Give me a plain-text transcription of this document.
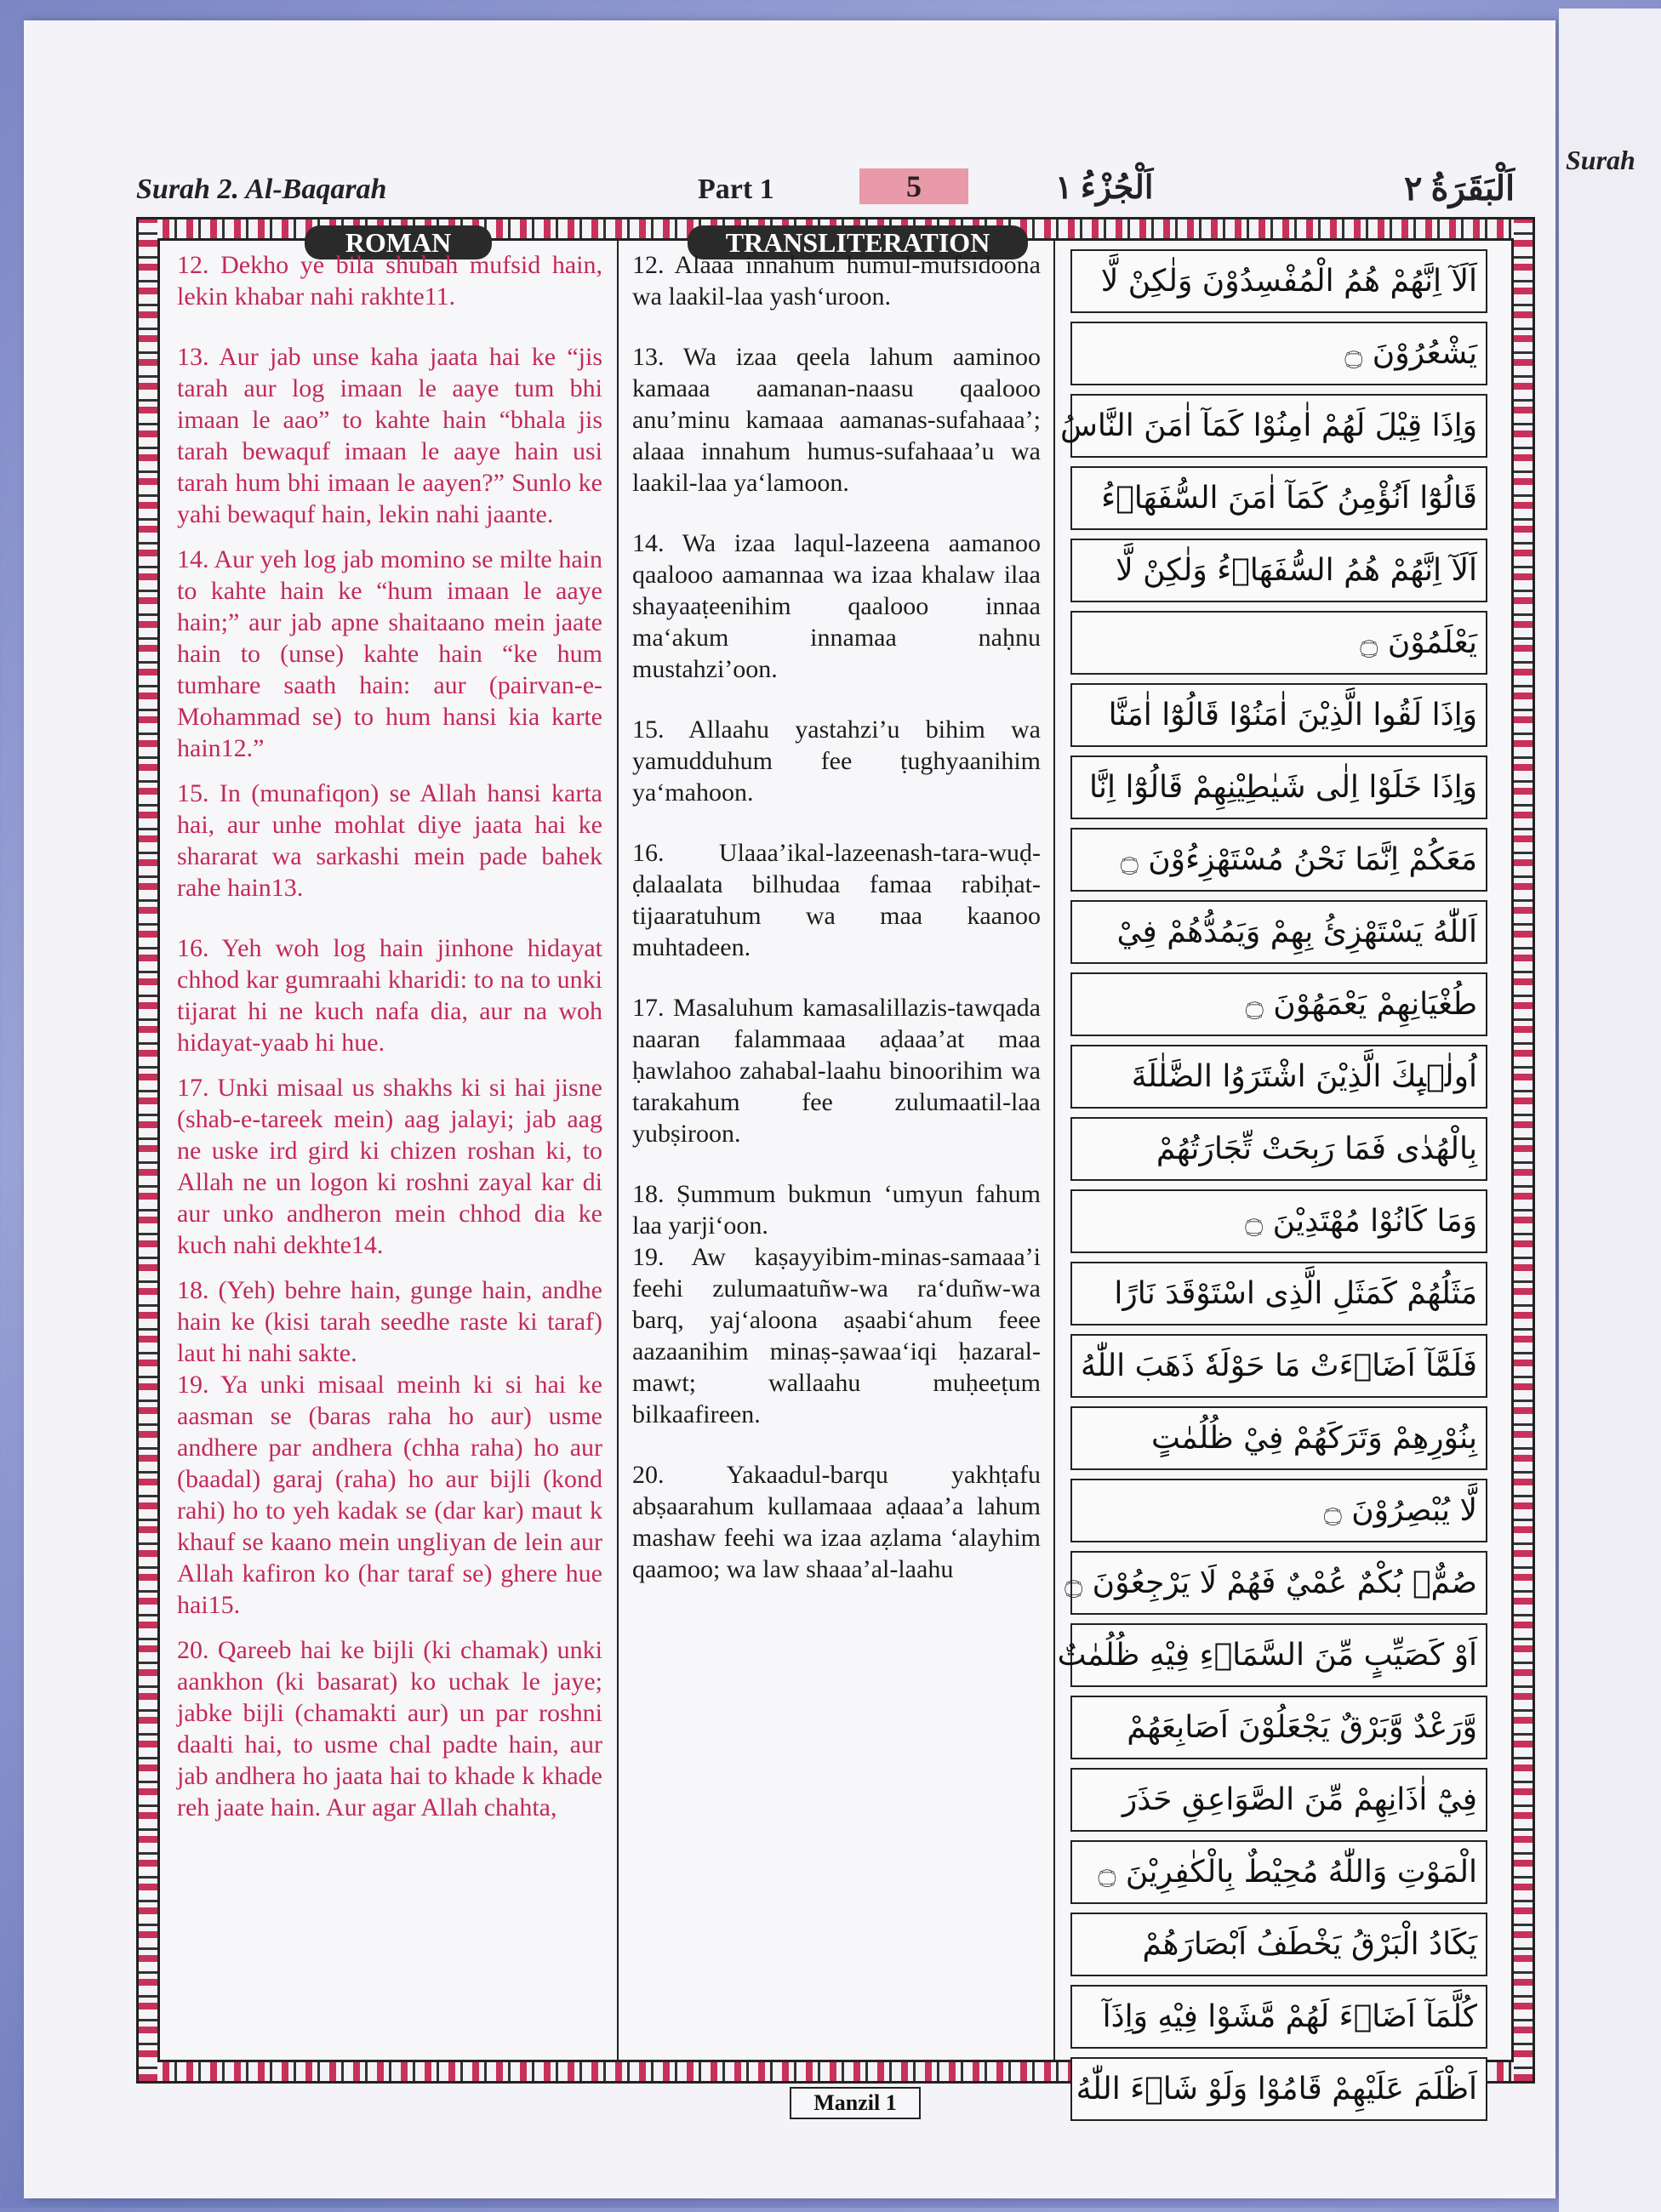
Surah
Surah 2. Al-Baqarah	Part 1	5	اَلْجُزْءُ ١	اَلْبَقَرَةُ ٢
ROMAN	TRANSLITERATION

12. Dekho ye bila shubah mufsid hain, lekin khabar nahi rakhte11.

13. Aur jab unse kaha jaata hai ke “jis tarah aur log imaan le aaye tum bhi imaan le aao” to kahte hain “bhala jis tarah bewaquf imaan le aaye hain usi tarah hum bhi imaan le aayen?” Sunlo ke yahi bewaquf hain, lekin nahi jaante.

14. Aur yeh log jab momino se milte hain to kahte hain ke “hum imaan le aaye hain;” aur jab apne shaitaano mein jaate hain to (unse) kahte hain “ke hum tumhare saath hain: aur (pairvan-e-Mohammad se) to hum hansi kia karte hain12.”

15. In (munafiqon) se Allah hansi karta hai, aur unhe mohlat diye jaata hai ke shararat wa sarkashi mein pade bahek rahe hain13.

16. Yeh woh log hain jinhone hidayat chhod kar gumraahi kharidi: to na to unki tijarat hi ne kuch nafa dia, aur na woh hidayat-yaab hi hue.

17. Unki misaal us shakhs ki si hai jisne (shab-e-tareek mein) aag jalayi; jab aag ne uske ird gird ki chizen roshan ki, to Allah ne un logon ki roshni zayal kar di aur unko andheron mein chhod dia ke kuch nahi dekhte14.

18. (Yeh) behre hain, gunge hain, andhe hain ke (kisi tarah seedhe raste ki taraf) laut hi nahi sakte.

19. Ya unki misaal meinh ki si hai ke aasman se (baras raha ho aur) usme andhere par andhera (chha raha) ho aur (baadal) garaj (raha) ho aur bijli (kond rahi) ho to yeh kadak se (dar kar) maut k khauf se kaano mein ungliyan de lein aur Allah kafiron ko (har taraf se) ghere hue hai15.

20. Qareeb hai ke bijli (ki chamak) unki aankhon (ki basarat) ko uchak le jaye; jabke bijli (chamakti aur) un par roshni daalti hai, to usme chal padte hain, aur jab andhera ho jaata hai to khade k khade reh jaate hain. Aur agar Allah chahta,

12. Alaaa innahum humul-mufsidoona wa laakil-laa yash‘uroon.

13. Wa izaa qeela lahum aaminoo kamaaa aamanan-naasu qaalooo anu’minu kamaaa aamanas-sufahaaa’; alaaa innahum humus-sufahaaa’u wa laakil-laa ya‘lamoon.

14. Wa izaa laqul-lazeena aamanoo qaalooo aamannaa wa izaa khalaw ilaa shayaaṭeenihim qaalooo innaa ma‘akum innamaa naḥnu mustahzi’oon.

15. Allaahu yastahzi’u bihim wa yamudduhum fee ṭughyaanihim ya‘mahoon.

16. Ulaaa’ikal-lazeenash-tara-wuḍ-ḍalaalata bilhudaa famaa rabiḥat-tijaaratuhum wa maa kaanoo muhtadeen.

17. Masaluhum kamasalillazis-tawqada naaran falammaaa aḍaaa’at maa ḥawlahoo zahabal-laahu binoorihim wa tarakahum fee zulumaatil-laa yubṣiroon.

18. Ṣummum bukmun ‘umyun fahum laa yarji‘oon.

19. Aw kaṣayyibim-minas-samaaa’i feehi zulumaatuñw-wa ra‘duñw-wa barq, yaj‘aloona aṣaabi‘ahum feee aazaanihim minaṣ-ṣawaa‘iqi ḥazaral-mawt; wallaahu muḥeeṭum bilkaafireen.

20. Yakaadul-barqu yakhṭafu abṣaarahum kullamaaa aḍaaa’a lahum mashaw feehi wa izaa aẓlama ‘alayhim qaamoo; wa law shaaa’al-laahu

اَلَآ اِنَّهُمْ هُمُ الْمُفْسِدُوْنَ وَلٰكِنْ لَّا
يَشْعُرُوْنَ ۝
وَاِذَا قِيْلَ لَهُمْ اٰمِنُوْا كَمَآ اٰمَنَ النَّاسُ
قَالُوْٓا اَنُؤْمِنُ كَمَآ اٰمَنَ السُّفَهَاۤءُ
اَلَآ اِنَّهُمْ هُمُ السُّفَهَاۤءُ وَلٰكِنْ لَّا
يَعْلَمُوْنَ ۝
وَاِذَا لَقُوا الَّذِيْنَ اٰمَنُوْا قَالُوْٓا اٰمَنَّا
وَاِذَا خَلَوْا اِلٰى شَيٰطِيْنِهِمْ قَالُوْٓا اِنَّا
مَعَكُمْ اِنَّمَا نَحْنُ مُسْتَهْزِءُوْنَ ۝
اَللّٰهُ يَسْتَهْزِئُ بِهِمْ وَيَمُدُّهُمْ فِيْ
طُغْيَانِهِمْ يَعْمَهُوْنَ ۝
اُولٰۤىِٕكَ الَّذِيْنَ اشْتَرَوُا الضَّلٰلَةَ
بِالْهُدٰى فَمَا رَبِحَتْ تِّجَارَتُهُمْ
وَمَا كَانُوْا مُهْتَدِيْنَ ۝
مَثَلُهُمْ كَمَثَلِ الَّذِى اسْتَوْقَدَ نَارًا
فَلَمَّآ اَضَاۤءَتْ مَا حَوْلَهٗ ذَهَبَ اللّٰهُ
بِنُوْرِهِمْ وَتَرَكَهُمْ فِيْ ظُلُمٰتٍ
لَّا يُبْصِرُوْنَ ۝
صُمٌّۢ بُكْمٌ عُمْيٌ فَهُمْ لَا يَرْجِعُوْنَ ۝
اَوْ كَصَيِّبٍ مِّنَ السَّمَاۤءِ فِيْهِ ظُلُمٰتٌ
وَّرَعْدٌ وَّبَرْقٌ يَجْعَلُوْنَ اَصَابِعَهُمْ
فِيْٓ اٰذَانِهِمْ مِّنَ الصَّوَاعِقِ حَذَرَ
الْمَوْتِ وَاللّٰهُ مُحِيْطٌ بِالْكٰفِرِيْنَ ۝
يَكَادُ الْبَرْقُ يَخْطَفُ اَبْصَارَهُمْ
كُلَّمَآ اَضَاۤءَ لَهُمْ مَّشَوْا فِيْهِ وَاِذَآ
اَظْلَمَ عَلَيْهِمْ قَامُوْا وَلَوْ شَاۤءَ اللّٰهُ
Manzil 1
